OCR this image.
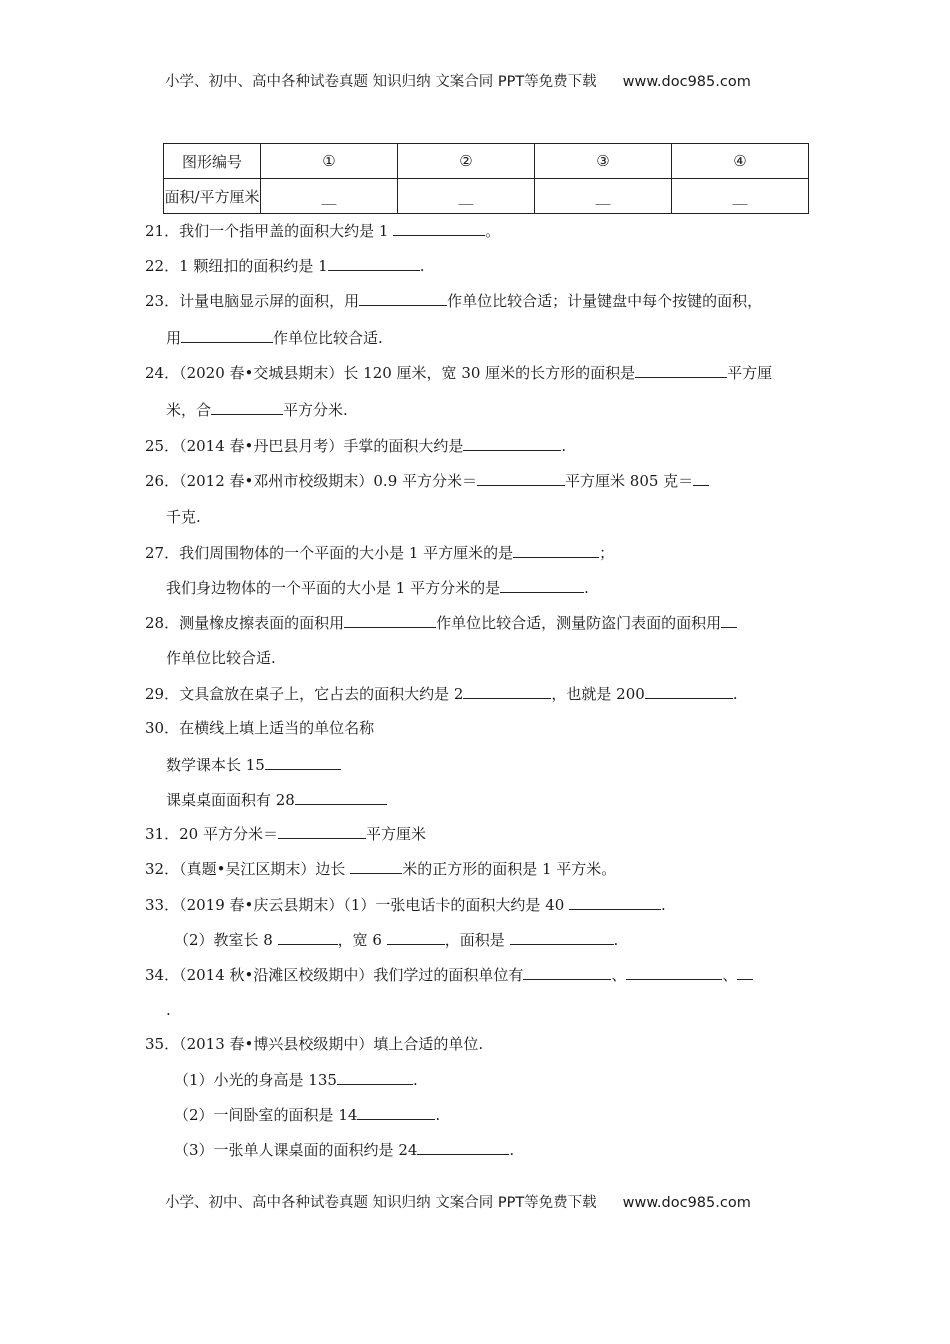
小学、初中、高中各种试卷真题 知识归纳 文案合同 PPT等免费下载 www.doc985.com
图形编号	①	②	③	④
面积/平方厘米	__	__	__	__
21．我们一个指甲盖的面积大约是 1	。
22．1 颗纽扣的面积约是 1	.
23．计量电脑显示屏的面积，用	作单位比较合适；计量键盘中每个按键的面积，
用	作单位比较合适.
24．（2020 春•交城县期末）长 120 厘米，宽 30 厘米的长方形的面积是	平方厘
米，合	平方分米.
25．（2014 春•丹巴县月考）手掌的面积大约是	.
26．（2012 春•邓州市校级期末）0.9 平方分米＝	平方厘米 805 克＝
千克.
27．我们周围物体的一个平面的大小是 1 平方厘米的是	；
我们身边物体的一个平面的大小是 1 平方分米的是	.
28．测量橡皮擦表面的面积用	作单位比较合适，测量防盗门表面的面积用
作单位比较合适.
29．文具盒放在桌子上，它占去的面积大约是 2	，也就是 200	.
30．在横线上填上适当的单位名称
数学课本长 15
课桌桌面面积有 28
31．20 平方分米＝	平方厘米
32．（真题•吴江区期末）边长	米的正方形的面积是 1 平方米。
33．（2019 春•庆云县期末）（1）一张电话卡的面积大约是 40	.
（2）教室长 8	，宽 6	，面积是	.
34．（2014 秋•沿滩区校级期中）我们学过的面积单位有	、	、
.
35．（2013 春•博兴县校级期中）填上合适的单位.
（1）小光的身高是 135	.
（2）一间卧室的面积是 14	.
（3）一张单人课桌面的面积约是 24	.
小学、初中、高中各种试卷真题 知识归纳 文案合同 PPT等免费下载 www.doc985.com
